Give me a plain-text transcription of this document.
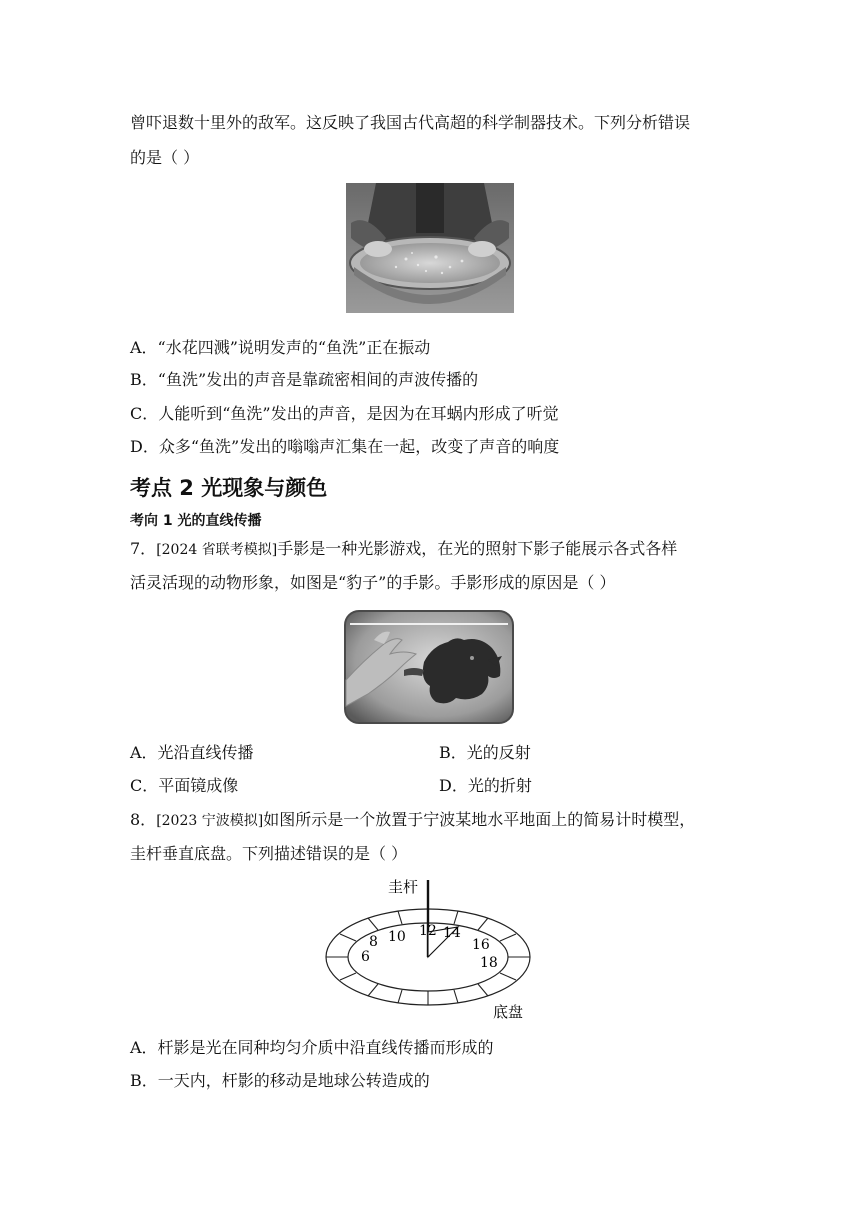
曾吓退数十里外的敌军。这反映了我国古代高超的科学制器技术。下列分析错误
的是（ ）
A．“水花四溅”说明发声的“鱼洗”正在振动
B．“鱼洗”发出的声音是靠疏密相间的声波传播的
C．人能听到“鱼洗”发出的声音，是因为在耳蜗内形成了听觉
D．众多“鱼洗”发出的嗡嗡声汇集在一起，改变了声音的响度
考点 2 光现象与颜色
考向 1 光的直线传播
7．[2024 省联考模拟]手影是一种光影游戏，在光的照射下影子能展示各式各样
活灵活现的动物形象，如图是“豹子”的手影。手影形成的原因是（ ）
A．光沿直线传播	B．光的反射
C．平面镜成像	D．光的折射
8．[2023 宁波模拟]如图所示是一个放置于宁波某地水平地面上的简易计时模型，
圭杆垂直底盘。下列描述错误的是（ ）
6
8 10 12 14
16
18
圭杆
底盘
A．杆影是光在同种均匀介质中沿直线传播而形成的
B．一天内，杆影的移动是地球公转造成的
